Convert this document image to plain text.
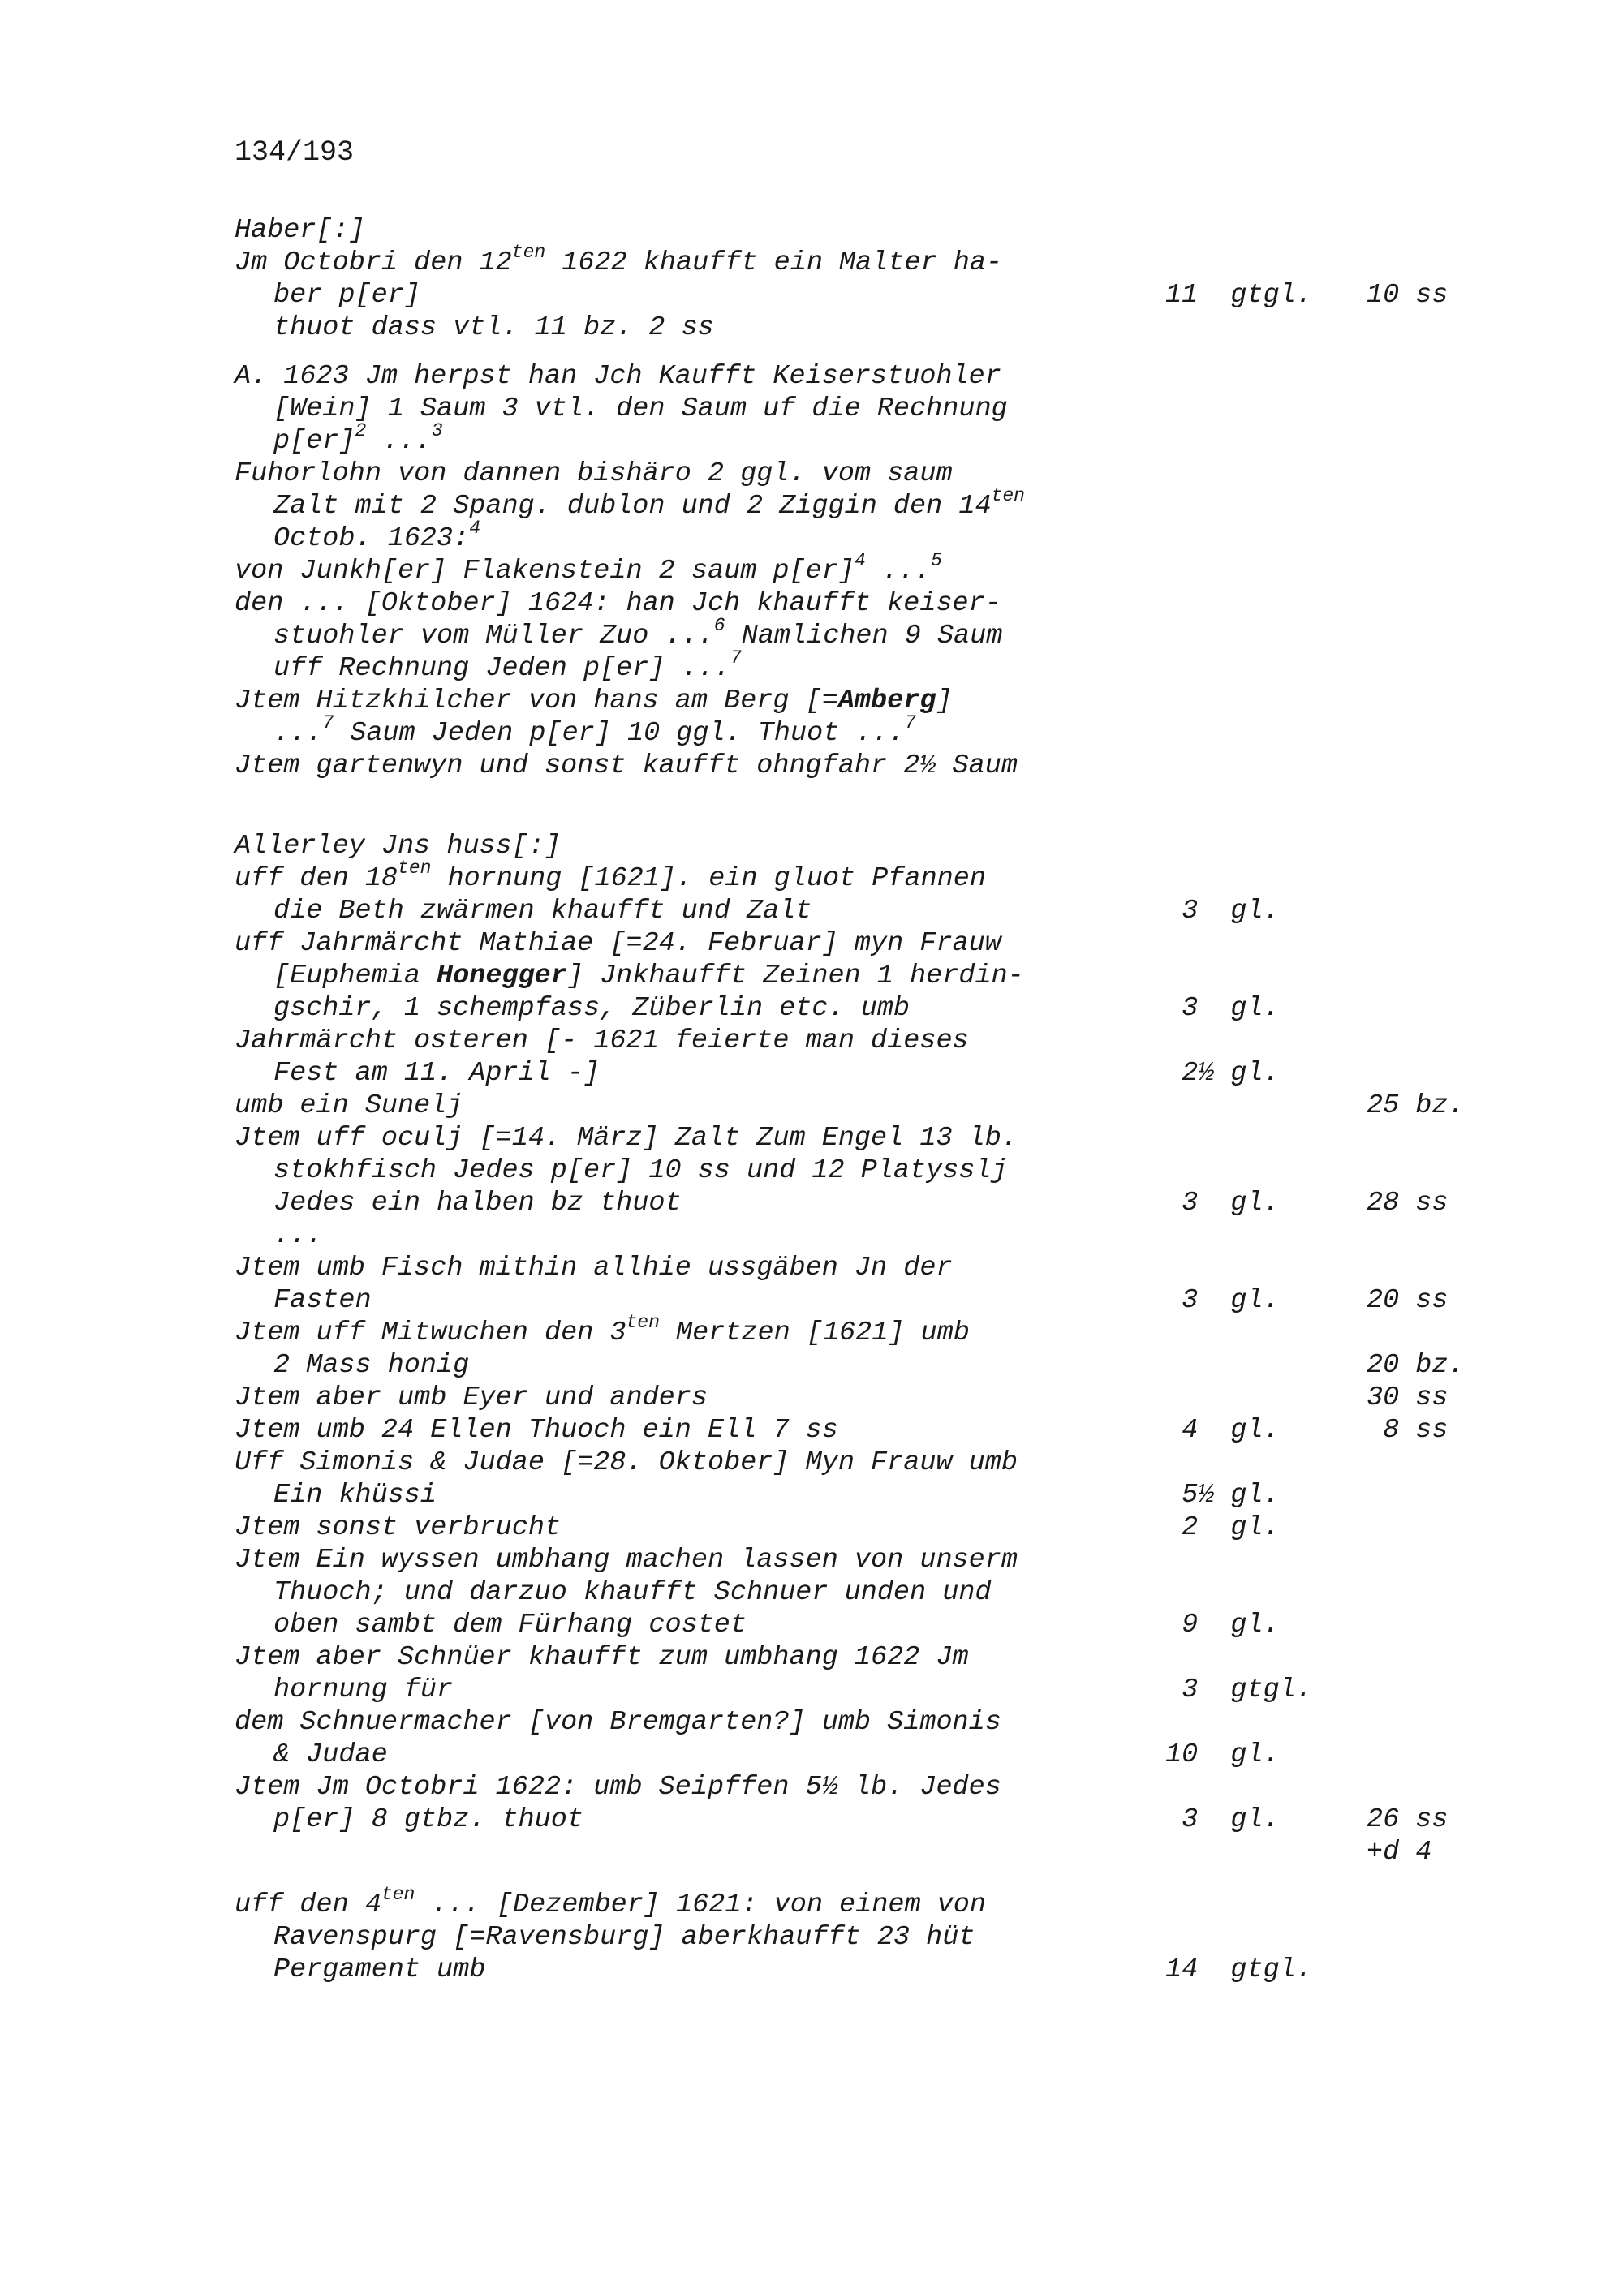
134/193
Haber[:]
Jm Octobri den $12^{ten}$ 1622 khaufft ein Malter ha-
ber p[er]	11  gtgl. 10 ss
thuot dass vtl. 11 bz. 2 ss
A. 1623 Jm herpst han Jch Kaufft Keiserstuohler
[Wein] 1 Saum 3 vtl. den Saum uf die Rechnung
p[er]$^2$ ...$^3$
Fuhorlohn von dannen bishäro 2 ggl. vom saum
Zalt mit 2 Spang. dublon und 2 Ziggin den $14^{ten}$
Octob. 1623:$^4$
von Junkh[er] Flakenstein 2 saum p[er]$^4$ ...$^5$
den ... [Oktober] 1624: han Jch khaufft keiser-
stuohler vom Müller Zuo ...$^6$ Namlichen 9 Saum
uff Rechnung Jeden p[er] ...$^7$
Jtem Hitzkhilcher von hans am Berg [=Amberg]
...$^7$ Saum Jeden p[er] 10 ggl. Thuot ...$^7$
Jtem gartenwyn und sonst kaufft ohngfahr 2½ Saum
Allerley Jns huss[:]
uff den $18^{ten}$ hornung [1621]. ein gluot Pfannen
die Beth zwärmen khaufft und Zalt	3  gl.
uff Jahrmärcht Mathiae [=24. Februar] myn Frauw
[Euphemia Honegger] Jnkhaufft Zeinen 1 herdin-
gschir, 1 schempfass, Züberlin etc. umb	3  gl.
Jahrmärcht osteren [- 1621 feierte man dieses
Fest am 11. April -]	2½ gl.
umb ein Sunelj	25 bz.
Jtem uff oculj [=14. März] Zalt Zum Engel 13 lb.
stokhfisch Jedes p[er] 10 ss und 12 Platysslj
Jedes ein halben bz thuot	3  gl.	28 ss
...
Jtem umb Fisch mithin allhie ussgäben Jn der
Fasten	3  gl.	20 ss
Jtem uff Mitwuchen den $3^{ten}$ Mertzen [1621] umb
2 Mass honig	20 bz.
Jtem aber umb Eyer und anders	30 ss
Jtem umb 24 Ellen Thuoch ein Ell 7 ss	4  gl.	8 ss
Uff Simonis & Judae [=28. Oktober] Myn Frauw umb
Ein khüssi	5½ gl.
Jtem sonst verbrucht	2  gl.
Jtem Ein wyssen umbhang machen lassen von unserm
Thuoch; und darzuo khaufft Schnuer unden und
oben sambt dem Fürhang costet	9  gl.
Jtem aber Schnüer khaufft zum umbhang 1622 Jm
hornung für	3  gtgl.
dem Schnuermacher [von Bremgarten?] umb Simonis
& Judae	10  gl.
Jtem Jm Octobri 1622: umb Seipffen 5½ lb. Jedes
p[er] 8 gtbz. thuot	3  gl.	26 ss
+d 4
uff den $4^{ten}$ ... [Dezember] 1621: von einem von
Ravenspurg [=Ravensburg] aberkhaufft 23 hüt
Pergament umb	14  gtgl.
